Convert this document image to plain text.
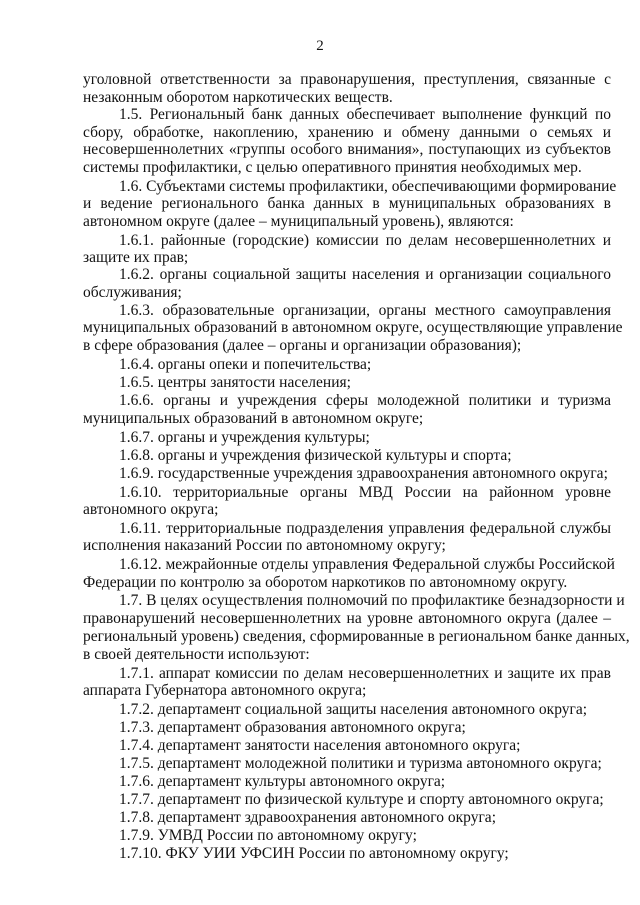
2
уголовной ответственности за правонарушения, преступления, связанные с
незаконным оборотом наркотических веществ.
1.5. Региональный банк данных обеспечивает выполнение функций по
сбору, обработке, накоплению, хранению и обмену данными о семьях и
несовершеннолетних «группы особого внимания», поступающих из субъектов
системы профилактики, с целью оперативного принятия необходимых мер.
1.6. Субъектами системы профилактики, обеспечивающими формирование
и ведение регионального банка данных в муниципальных образованиях в
автономном округе (далее – муниципальный уровень), являются:
1.6.1. районные (городские) комиссии по делам несовершеннолетних и
защите их прав;
1.6.2. органы социальной защиты населения и организации социального
обслуживания;
1.6.3. образовательные организации, органы местного самоуправления
муниципальных образований в автономном округе, осуществляющие управление
в сфере образования (далее – органы и организации образования);
1.6.4. органы опеки и попечительства;
1.6.5. центры занятости населения;
1.6.6. органы и учреждения сферы молодежной политики и туризма
муниципальных образований в автономном округе;
1.6.7. органы и учреждения культуры;
1.6.8. органы и учреждения физической культуры и спорта;
1.6.9. государственные учреждения здравоохранения автономного округа;
1.6.10. территориальные органы МВД России на районном уровне
автономного округа;
1.6.11. территориальные подразделения управления федеральной службы
исполнения наказаний России по автономному округу;
1.6.12. межрайонные отделы управления Федеральной службы Российской
Федерации по контролю за оборотом наркотиков по автономному округу.
1.7. В целях осуществления полномочий по профилактике безнадзорности и
правонарушений несовершеннолетних на уровне автономного округа (далее –
региональный уровень) сведения, сформированные в региональном банке данных,
в своей деятельности используют:
1.7.1. аппарат комиссии по делам несовершеннолетних и защите их прав
аппарата Губернатора автономного округа;
1.7.2. департамент социальной защиты населения автономного округа;
1.7.3. департамент образования автономного округа;
1.7.4. департамент занятости населения автономного округа;
1.7.5. департамент молодежной политики и туризма автономного округа;
1.7.6. департамент культуры автономного округа;
1.7.7. департамент по физической культуре и спорту автономного округа;
1.7.8. департамент здравоохранения автономного округа;
1.7.9. УМВД России по автономному округу;
1.7.10. ФКУ УИИ УФСИН России по автономному округу;
